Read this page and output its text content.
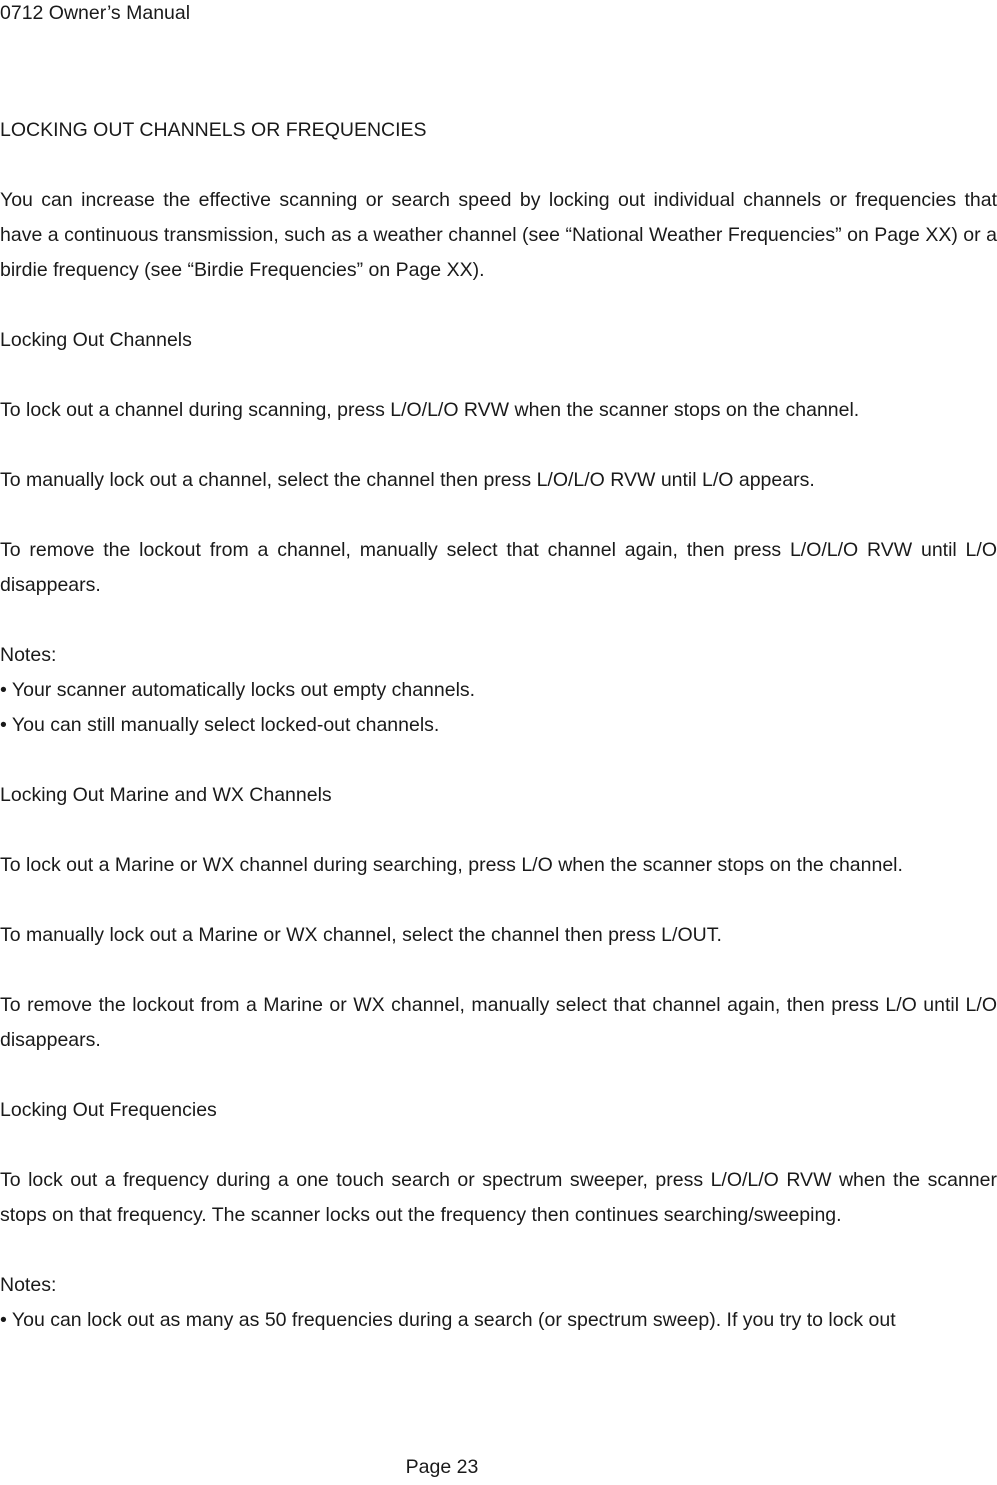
0712 Owner’s Manual
LOCKING OUT CHANNELS OR FREQUENCIES
You can increase the effective scanning or search speed by locking out individual channels or frequencies that have a continuous transmission, such as a weather channel (see “National Weather Frequencies” on Page XX) or a birdie frequency (see “Birdie Frequencies” on Page XX).
Locking Out Channels
To lock out a channel during scanning, press L/O/L/O RVW when the scanner stops on the channel.
To manually lock out a channel, select the channel then press L/O/L/O RVW until L/O appears.
To remove the lockout from a channel, manually select that channel again, then press L/O/L/O RVW until L/O disappears.
Notes:
• Your scanner automatically locks out empty channels.
• You can still manually select locked-out channels.
Locking Out Marine and WX Channels
To lock out a Marine or WX channel during searching, press L/O when the scanner stops on the channel.
To manually lock out a Marine or WX channel, select the channel then press L/OUT.
To remove the lockout from a Marine or WX channel, manually select that channel again, then press L/O until L/O disappears.
Locking Out Frequencies
To lock out a frequency during a one touch search or spectrum sweeper, press L/O/L/O RVW when the scanner stops on that frequency. The scanner locks out the frequency then continues searching/sweeping.
Notes:
• You can lock out as many as 50 frequencies during a search (or spectrum sweep). If you try to lock out
Page 23
